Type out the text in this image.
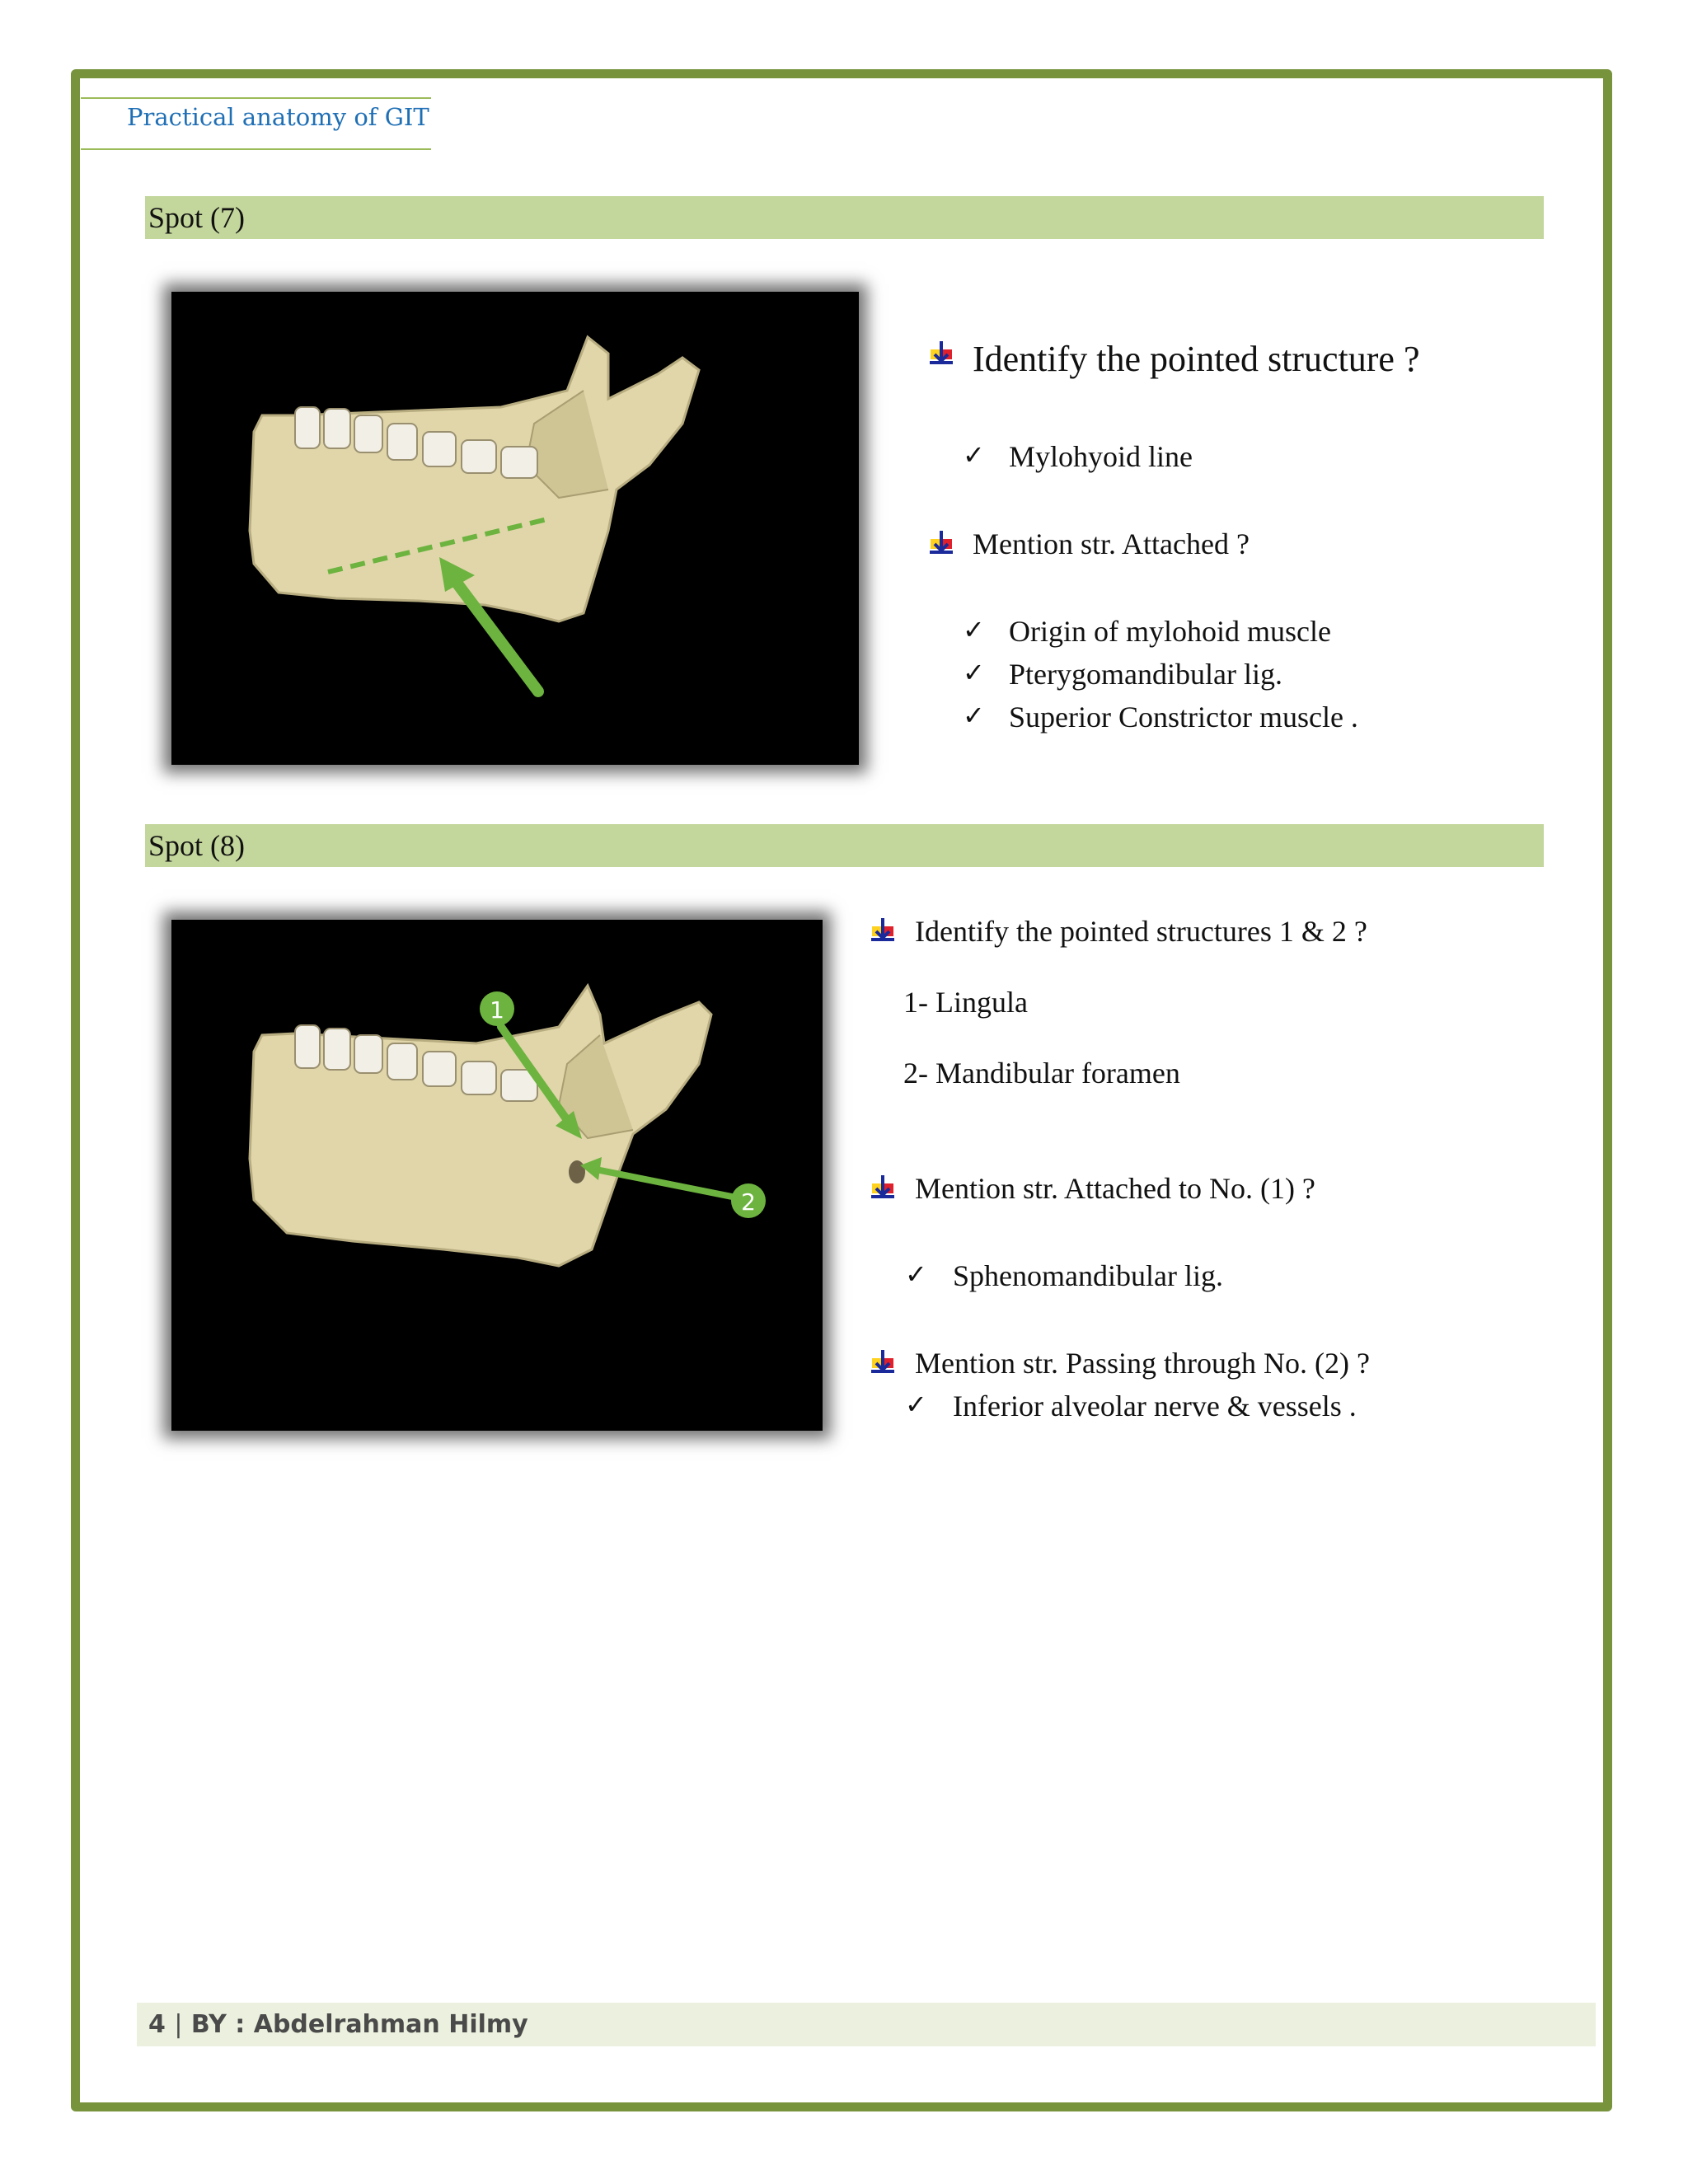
Practical anatomy of GIT
Spot (7)
Identify the pointed structure ?
✓ Mylohyoid line
Mention str. Attached ?
✓ Origin of mylohoid muscle
✓ Pterygomandibular lig.
✓ Superior Constrictor muscle .
Spot (8)
1
2
Identify the pointed structures 1 & 2 ?
1- Lingula
2- Mandibular foramen
Mention str. Attached to No. (1) ?
✓ Sphenomandibular lig.
Mention str. Passing through No. (2) ?
✓ Inferior alveolar nerve & vessels .
4 | BY : Abdelrahman Hilmy
